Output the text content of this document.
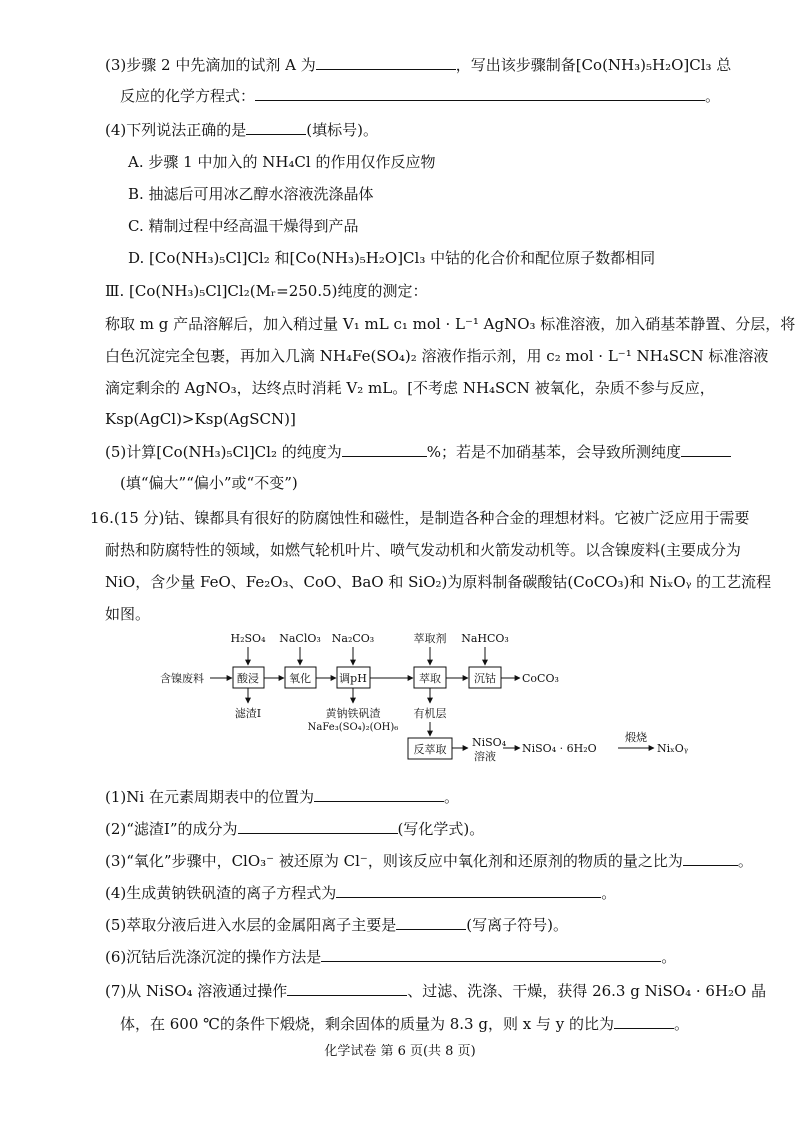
(3)步骤 2 中先滴加的试剂 A 为	，写出该步骤制备[Co(NH₃)₅H₂O]Cl₃ 总
反应的化学方程式：	。
(4)下列说法正确的是	(填标号)。
A. 步骤 1 中加入的 NH₄Cl 的作用仅作反应物
B. 抽滤后可用冰乙醇水溶液洗涤晶体
C. 精制过程中经高温干燥得到产品
D. [Co(NH₃)₅Cl]Cl₂ 和[Co(NH₃)₅H₂O]Cl₃ 中钴的化合价和配位原子数都相同
Ⅲ. [Co(NH₃)₅Cl]Cl₂(Mᵣ=250.5)纯度的测定：
称取 m g 产品溶解后，加入稍过量 V₁ mL c₁ mol · L⁻¹ AgNO₃ 标准溶液，加入硝基苯静置、分层，将
白色沉淀完全包裹，再加入几滴 NH₄Fe(SO₄)₂ 溶液作指示剂，用 c₂ mol · L⁻¹ NH₄SCN 标准溶液
滴定剩余的 AgNO₃，达终点时消耗 V₂ mL。[不考虑 NH₄SCN 被氧化，杂质不参与反应，
Ksp(AgCl)>Ksp(AgSCN)]
(5)计算[Co(NH₃)₅Cl]Cl₂ 的纯度为	%；若是不加硝基苯，会导致所测纯度
(填“偏大”“偏小”或“不变”)
16.(15 分)钴、镍都具有很好的防腐蚀性和磁性，是制造各种合金的理想材料。它被广泛应用于需要
耐热和防腐特性的领域，如燃气轮机叶片、喷气发动机和火箭发动机等。以含镍废料(主要成分为
NiO，含少量 FeO、Fe₂O₃、CoO、BaO 和 SiO₂)为原料制备碳酸钴(CoCO₃)和 NiₓOᵧ 的工艺流程
如图。
H₂SO₄ NaClO₃ Na₂CO₃	萃取剂 NaHCO₃
含镍废料	酸浸	氧化	调pH	萃取	沉钴 CoCO₃
滤渣Ⅰ	黄钠铁矾渣
NaFe₃(SO₄)₂(OH)₆
有机层
反萃取
NiSO₄
溶液
NiSO₄ · 6H₂O
煅烧
NiₓOᵧ
(1)Ni 在元素周期表中的位置为	。
(2)“滤渣Ⅰ”的成分为	(写化学式)。
(3)“氧化”步骤中，ClO₃⁻ 被还原为 Cl⁻，则该反应中氧化剂和还原剂的物质的量之比为	。
(4)生成黄钠铁矾渣的离子方程式为	。
(5)萃取分液后进入水层的金属阳离子主要是	(写离子符号)。
(6)沉钴后洗涤沉淀的操作方法是	。
(7)从 NiSO₄ 溶液通过操作	、过滤、洗涤、干燥，获得 26.3 g NiSO₄ · 6H₂O 晶
体，在 600 ℃的条件下煅烧，剩余固体的质量为 8.3 g，则 x 与 y 的比为	。
化学试卷 第 6 页(共 8 页)
